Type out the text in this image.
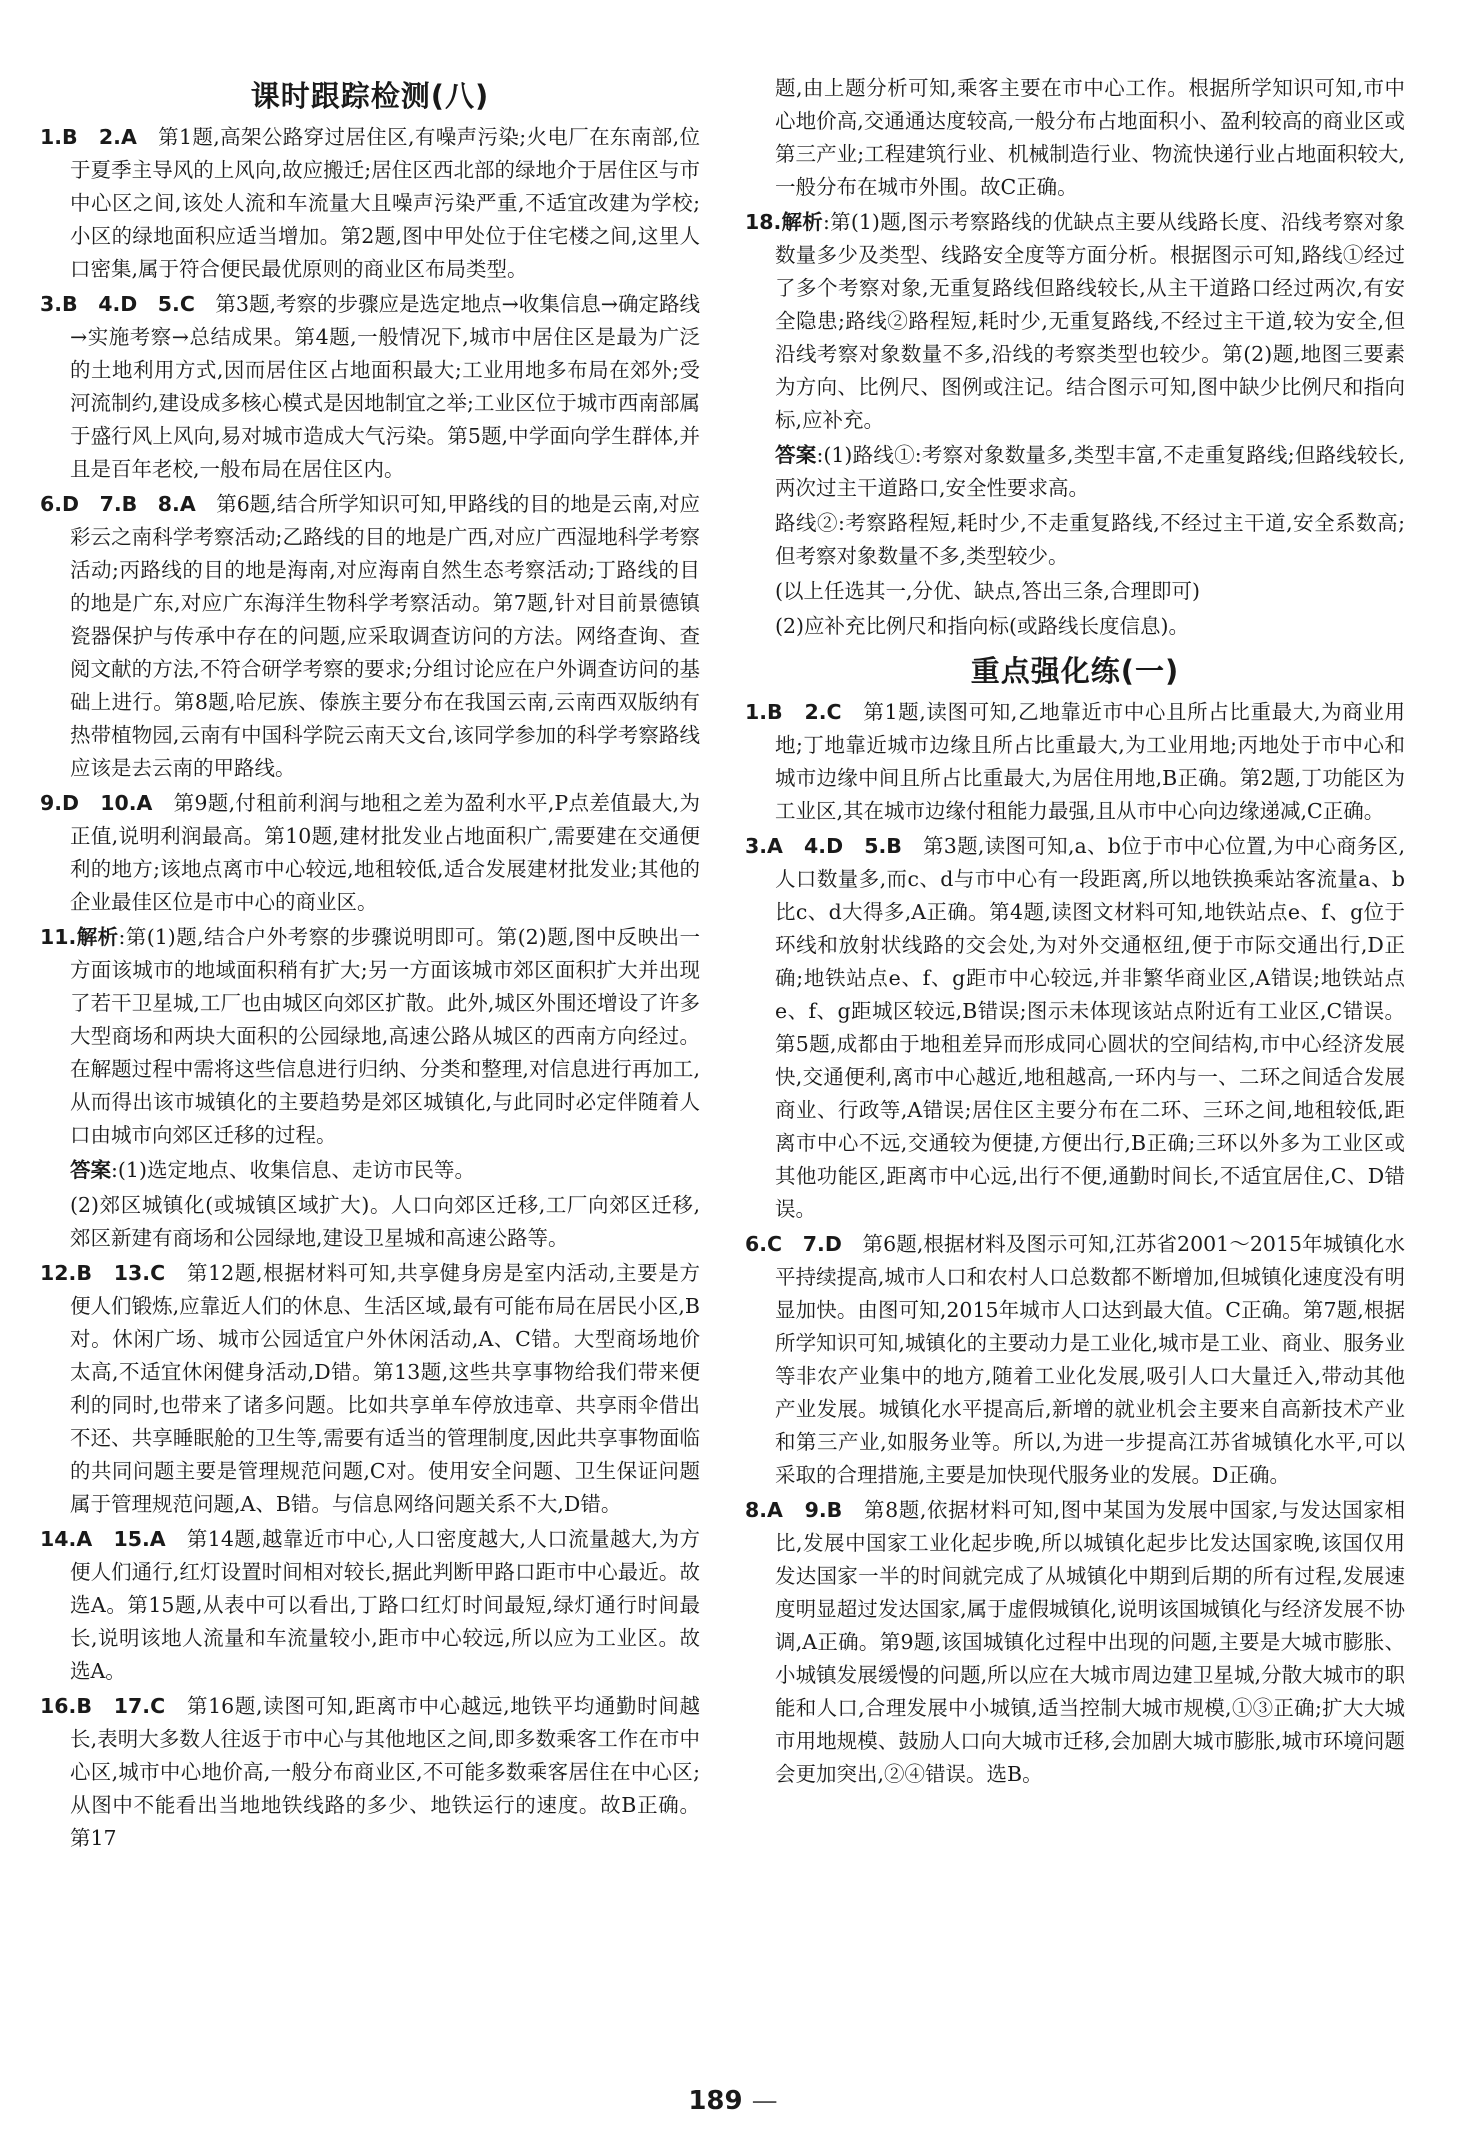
课时跟踪检测(八)

1.B　2.A　第1题,高架公路穿过居住区,有噪声污染;火电厂在东南部,位于夏季主导风的上风向,故应搬迁;居住区西北部的绿地介于居住区与市中心区之间,该处人流和车流量大且噪声污染严重,不适宜改建为学校;小区的绿地面积应适当增加。第2题,图中甲处位于住宅楼之间,这里人口密集,属于符合便民最优原则的商业区布局类型。

3.B　4.D　5.C　第3题,考察的步骤应是选定地点→收集信息→确定路线→实施考察→总结成果。第4题,一般情况下,城市中居住区是最为广泛的土地利用方式,因而居住区占地面积最大;工业用地多布局在郊外;受河流制约,建设成多核心模式是因地制宜之举;工业区位于城市西南部属于盛行风上风向,易对城市造成大气污染。第5题,中学面向学生群体,并且是百年老校,一般布局在居住区内。

6.D　7.B　8.A　第6题,结合所学知识可知,甲路线的目的地是云南,对应彩云之南科学考察活动;乙路线的目的地是广西,对应广西湿地科学考察活动;丙路线的目的地是海南,对应海南自然生态考察活动;丁路线的目的地是广东,对应广东海洋生物科学考察活动。第7题,针对目前景德镇瓷器保护与传承中存在的问题,应采取调查访问的方法。网络查询、查阅文献的方法,不符合研学考察的要求;分组讨论应在户外调查访问的基础上进行。第8题,哈尼族、傣族主要分布在我国云南,云南西双版纳有热带植物园,云南有中国科学院云南天文台,该同学参加的科学考察路线应该是去云南的甲路线。

9.D　10.A　第9题,付租前利润与地租之差为盈利水平,P点差值最大,为正值,说明利润最高。第10题,建材批发业占地面积广,需要建在交通便利的地方;该地点离市中心较远,地租较低,适合发展建材批发业;其他的企业最佳区位是市中心的商业区。

11.解析:第(1)题,结合户外考察的步骤说明即可。第(2)题,图中反映出一方面该城市的地域面积稍有扩大;另一方面该城市郊区面积扩大并出现了若干卫星城,工厂也由城区向郊区扩散。此外,城区外围还增设了许多大型商场和两块大面积的公园绿地,高速公路从城区的西南方向经过。在解题过程中需将这些信息进行归纳、分类和整理,对信息进行再加工,从而得出该市城镇化的主要趋势是郊区城镇化,与此同时必定伴随着人口由城市向郊区迁移的过程。

答案:(1)选定地点、收集信息、走访市民等。

(2)郊区城镇化(或城镇区域扩大)。人口向郊区迁移,工厂向郊区迁移,郊区新建有商场和公园绿地,建设卫星城和高速公路等。

12.B　13.C　第12题,根据材料可知,共享健身房是室内活动,主要是方便人们锻炼,应靠近人们的休息、生活区域,最有可能布局在居民小区,B对。休闲广场、城市公园适宜户外休闲活动,A、C错。大型商场地价太高,不适宜休闲健身活动,D错。第13题,这些共享事物给我们带来便利的同时,也带来了诸多问题。比如共享单车停放违章、共享雨伞借出不还、共享睡眠舱的卫生等,需要有适当的管理制度,因此共享事物面临的共同问题主要是管理规范问题,C对。使用安全问题、卫生保证问题属于管理规范问题,A、B错。与信息网络问题关系不大,D错。

14.A　15.A　第14题,越靠近市中心,人口密度越大,人口流量越大,为方便人们通行,红灯设置时间相对较长,据此判断甲路口距市中心最近。故选A。第15题,从表中可以看出,丁路口红灯时间最短,绿灯通行时间最长,说明该地人流量和车流量较小,距市中心较远,所以应为工业区。故选A。

16.B　17.C　第16题,读图可知,距离市中心越远,地铁平均通勤时间越长,表明大多数人往返于市中心与其他地区之间,即多数乘客工作在市中心区,城市中心地价高,一般分布商业区,不可能多数乘客居住在中心区;从图中不能看出当地地铁线路的多少、地铁运行的速度。故B正确。第17

题,由上题分析可知,乘客主要在市中心工作。根据所学知识可知,市中心地价高,交通通达度较高,一般分布占地面积小、盈利较高的商业区或第三产业;工程建筑行业、机械制造行业、物流快递行业占地面积较大,一般分布在城市外围。故C正确。

18.解析:第(1)题,图示考察路线的优缺点主要从线路长度、沿线考察对象数量多少及类型、线路安全度等方面分析。根据图示可知,路线①经过了多个考察对象,无重复路线但路线较长,从主干道路口经过两次,有安全隐患;路线②路程短,耗时少,无重复路线,不经过主干道,较为安全,但沿线考察对象数量不多,沿线的考察类型也较少。第(2)题,地图三要素为方向、比例尺、图例或注记。结合图示可知,图中缺少比例尺和指向标,应补充。

答案:(1)路线①:考察对象数量多,类型丰富,不走重复路线;但路线较长,两次过主干道路口,安全性要求高。

路线②:考察路程短,耗时少,不走重复路线,不经过主干道,安全系数高;但考察对象数量不多,类型较少。

(以上任选其一,分优、缺点,答出三条,合理即可)

(2)应补充比例尺和指向标(或路线长度信息)。

重点强化练(一)

1.B　2.C　第1题,读图可知,乙地靠近市中心且所占比重最大,为商业用地;丁地靠近城市边缘且所占比重最大,为工业用地;丙地处于市中心和城市边缘中间且所占比重最大,为居住用地,B正确。第2题,丁功能区为工业区,其在城市边缘付租能力最强,且从市中心向边缘递减,C正确。

3.A　4.D　5.B　第3题,读图可知,a、b位于市中心位置,为中心商务区,人口数量多,而c、d与市中心有一段距离,所以地铁换乘站客流量a、b比c、d大得多,A正确。第4题,读图文材料可知,地铁站点e、f、g位于环线和放射状线路的交会处,为对外交通枢纽,便于市际交通出行,D正确;地铁站点e、f、g距市中心较远,并非繁华商业区,A错误;地铁站点e、f、g距城区较远,B错误;图示未体现该站点附近有工业区,C错误。第5题,成都由于地租差异而形成同心圆状的空间结构,市中心经济发展快,交通便利,离市中心越近,地租越高,一环内与一、二环之间适合发展商业、行政等,A错误;居住区主要分布在二环、三环之间,地租较低,距离市中心不远,交通较为便捷,方便出行,B正确;三环以外多为工业区或其他功能区,距离市中心远,出行不便,通勤时间长,不适宜居住,C、D错误。

6.C　7.D　第6题,根据材料及图示可知,江苏省2001～2015年城镇化水平持续提高,城市人口和农村人口总数都不断增加,但城镇化速度没有明显加快。由图可知,2015年城市人口达到最大值。C正确。第7题,根据所学知识可知,城镇化的主要动力是工业化,城市是工业、商业、服务业等非农产业集中的地方,随着工业化发展,吸引人口大量迁入,带动其他产业发展。城镇化水平提高后,新增的就业机会主要来自高新技术产业和第三产业,如服务业等。所以,为进一步提高江苏省城镇化水平,可以采取的合理措施,主要是加快现代服务业的发展。D正确。

8.A　9.B　第8题,依据材料可知,图中某国为发展中国家,与发达国家相比,发展中国家工业化起步晚,所以城镇化起步比发达国家晚,该国仅用发达国家一半的时间就完成了从城镇化中期到后期的所有过程,发展速度明显超过发达国家,属于虚假城镇化,说明该国城镇化与经济发展不协调,A正确。第9题,该国城镇化过程中出现的问题,主要是大城市膨胀、小城镇发展缓慢的问题,所以应在大城市周边建卫星城,分散大城市的职能和人口,合理发展中小城镇,适当控制大城市规模,①③正确;扩大大城市用地规模、鼓励人口向大城市迁移,会加剧大城市膨胀,城市环境问题会更加突出,②④错误。选B。

189 —
